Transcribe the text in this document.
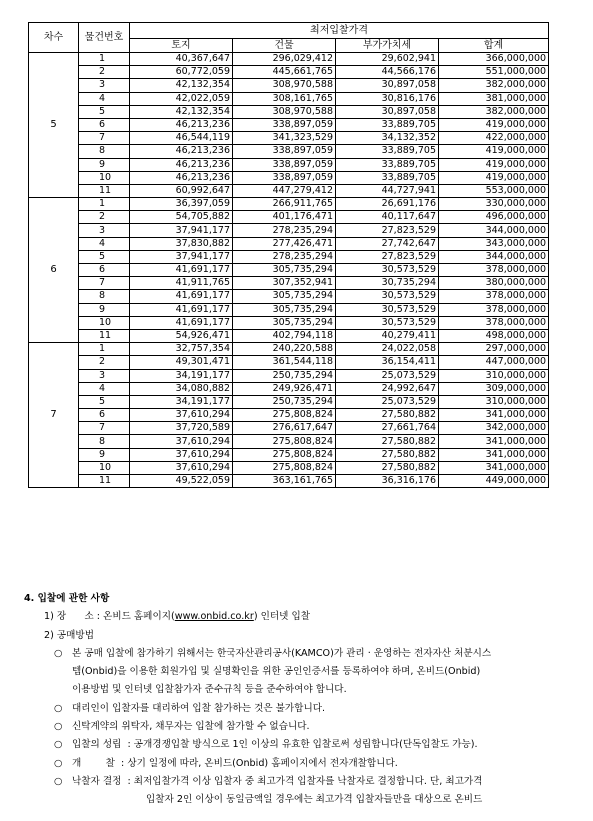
차수	물건번호	최저입찰가격			
		토지	건물	부가가치세	합계
5	1	40,367,647	296,029,412	29,602,941	366,000,000
	2	60,772,059	445,661,765	44,566,176	551,000,000
	3	42,132,354	308,970,588	30,897,058	382,000,000
	4	42,022,059	308,161,765	30,816,176	381,000,000
	5	42,132,354	308,970,588	30,897,058	382,000,000
	6	46,213,236	338,897,059	33,889,705	419,000,000
	7	46,544,119	341,323,529	34,132,352	422,000,000
	8	46,213,236	338,897,059	33,889,705	419,000,000
	9	46,213,236	338,897,059	33,889,705	419,000,000
	10	46,213,236	338,897,059	33,889,705	419,000,000
	11	60,992,647	447,279,412	44,727,941	553,000,000
6	1	36,397,059	266,911,765	26,691,176	330,000,000
	2	54,705,882	401,176,471	40,117,647	496,000,000
	3	37,941,177	278,235,294	27,823,529	344,000,000
	4	37,830,882	277,426,471	27,742,647	343,000,000
	5	37,941,177	278,235,294	27,823,529	344,000,000
	6	41,691,177	305,735,294	30,573,529	378,000,000
	7	41,911,765	307,352,941	30,735,294	380,000,000
	8	41,691,177	305,735,294	30,573,529	378,000,000
	9	41,691,177	305,735,294	30,573,529	378,000,000
	10	41,691,177	305,735,294	30,573,529	378,000,000
	11	54,926,471	402,794,118	40,279,411	498,000,000
7	1	32,757,354	240,220,588	24,022,058	297,000,000
	2	49,301,471	361,544,118	36,154,411	447,000,000
	3	34,191,177	250,735,294	25,073,529	310,000,000
	4	34,080,882	249,926,471	24,992,647	309,000,000
	5	34,191,177	250,735,294	25,073,529	310,000,000
	6	37,610,294	275,808,824	27,580,882	341,000,000
	7	37,720,589	276,617,647	27,661,764	342,000,000
	8	37,610,294	275,808,824	27,580,882	341,000,000
	9	37,610,294	275,808,824	27,580,882	341,000,000
	10	37,610,294	275,808,824	27,580,882	341,000,000
	11	49,522,059	363,161,765	36,316,176	449,000,000

4. 입찰에 관한 사항

1) 장      소 : 온비드 홈페이지(www.onbid.co.kr) 인터넷 입찰

2) 공매방법

○ 본 공매 입찰에 참가하기 위해서는 한국자산관리공사(KAMCO)가 관리 · 운영하는 전자자산 처분시스

템(Onbid)을 이용한 회원가입 및 실명확인을 위한 공인인증서를 등록하여야 하며, 온비드(Onbid)

이용방법 및 인터넷 입찰참가자 준수규칙 등을 준수하여야 합니다.

○ 대리인이 입찰자를 대리하여 입찰 참가하는 것은 불가합니다.

○ 신탁계약의 위탁자, 채무자는 입찰에 참가할 수 없습니다.

○ 입찰의 성립  : 공개경쟁입찰 방식으로 1인 이상의 유효한 입찰로써 성립합니다(단독입찰도 가능).

○ 개        찰  : 상기 일정에 따라, 온비드(Onbid) 홈페이지에서 전자개찰합니다.

○ 낙찰자 결정  : 최저입찰가격 이상 입찰자 중 최고가격 입찰자를 낙찰자로 결정합니다. 단, 최고가격

입찰자 2인 이상이 동일금액일 경우에는 최고가격 입찰자들만을 대상으로 온비드
